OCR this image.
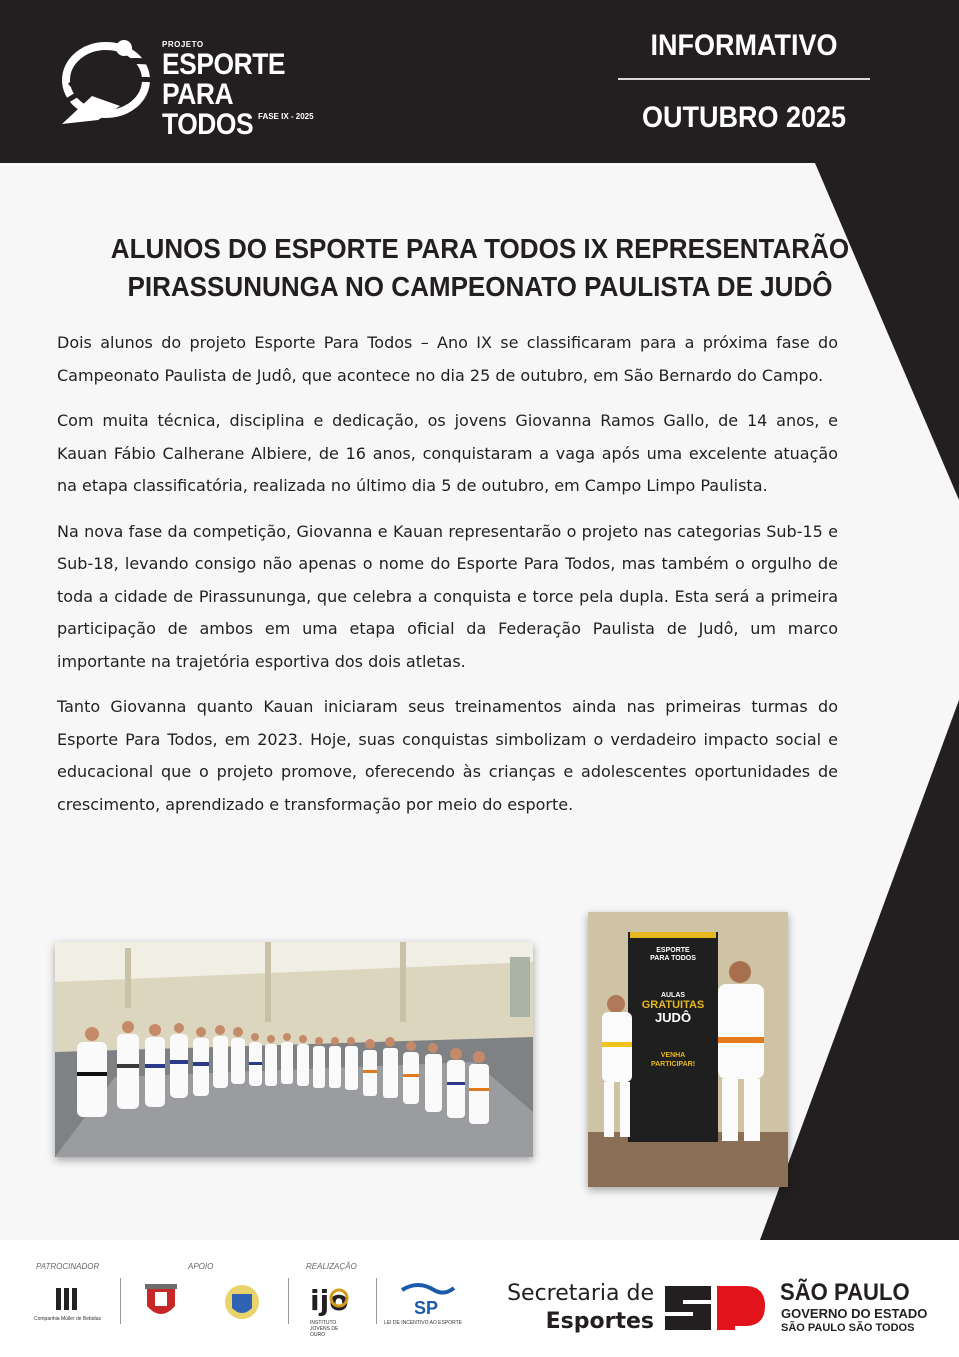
PROJETO
ESPORTE
PARA TODOS FASE IX - 2025
INFORMATIVO
OUTUBRO 2025
ALUNOS DO ESPORTE PARA TODOS IX REPRESENTARÃO
PIRASSUNUNGA NO CAMPEONATO PAULISTA DE JUDÔ

Dois alunos do projeto Esporte Para Todos – Ano IX se classificaram para a próxima fase do Campeonato Paulista de Judô, que acontece no dia 25 de outubro, em São Bernardo do Campo.

Com muita técnica, disciplina e dedicação, os jovens Giovanna Ramos Gallo, de 14 anos, e Kauan Fábio Calherane Albiere, de 16 anos, conquistaram a vaga após uma excelente atuação na etapa classificatória, realizada no último dia 5 de outubro, em Campo Limpo Paulista.

Na nova fase da competição, Giovanna e Kauan representarão o projeto nas categorias Sub-15 e Sub-18, levando consigo não apenas o nome do Esporte Para Todos, mas também o orgulho de toda a cidade de Pirassununga, que celebra a conquista e torce pela dupla. Esta será a primeira participação de ambos em uma etapa oficial da Federação Paulista de Judô, um marco importante na trajetória esportiva dos dois atletas.

Tanto Giovanna quanto Kauan iniciaram seus treinamentos ainda nas primeiras turmas do Esporte Para Todos, em 2023. Hoje, suas conquistas simbolizam o verdadeiro impacto social e educacional que o projeto promove, oferecendo às crianças e adolescentes oportunidades de crescimento, aprendizado e transformação por meio do esporte.

ESPORTE
PARA TODOS
AULAS
GRATUITAS
JUDÔ
VENHA
PARTICIPAR!
PATROCINADOR	APOIO	REALIZAÇÃO
Companhia Müller de Bebidas
ijo
INSTITUTO JOVENS DE OURO
SP
LEI DE INCENTIVO AO ESPORTE
Secretaria de
Esportes
SÃO PAULO
GOVERNO DO ESTADO
SÃO PAULO SÃO TODOS
